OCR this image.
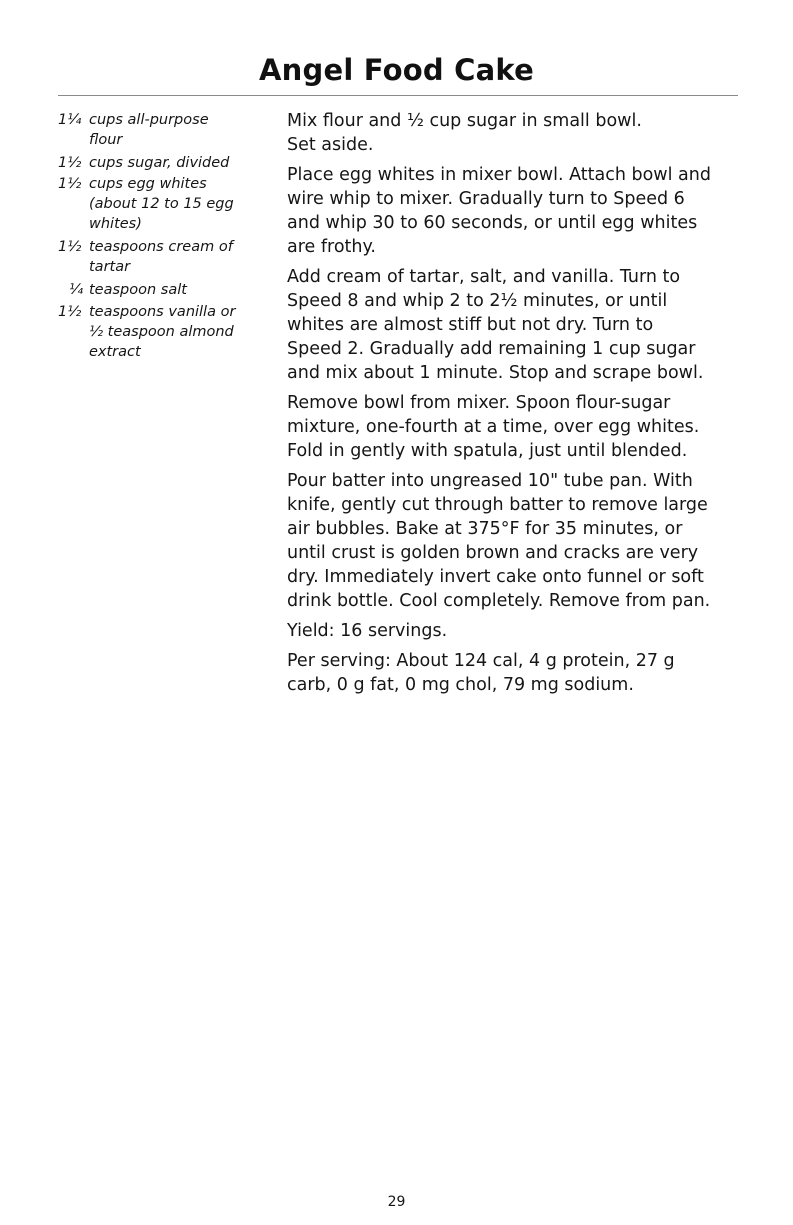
Angel Food Cake
1¼ cups all-purpose
flour
1½ cups sugar, divided
1½ cups egg whites
(about 12 to 15 egg
whites)
1½ teaspoons cream of
tartar
¼ teaspoon salt
1½ teaspoons vanilla or
½ teaspoon almond
extract

Mix flour and ½ cup sugar in small bowl.
Set aside.

Place egg whites in mixer bowl. Attach bowl and
wire whip to mixer. Gradually turn to Speed 6
and whip 30 to 60 seconds, or until egg whites
are frothy.

Add cream of tartar, salt, and vanilla. Turn to
Speed 8 and whip 2 to 2½ minutes, or until
whites are almost stiff but not dry. Turn to
Speed 2. Gradually add remaining 1 cup sugar
and mix about 1 minute. Stop and scrape bowl.

Remove bowl from mixer. Spoon flour-sugar
mixture, one-fourth at a time, over egg whites.
Fold in gently with spatula, just until blended.

Pour batter into ungreased 10" tube pan. With
knife, gently cut through batter to remove large
air bubbles. Bake at 375°F for 35 minutes, or
until crust is golden brown and cracks are very
dry. Immediately invert cake onto funnel or soft
drink bottle. Cool completely. Remove from pan.

Yield: 16 servings.

Per serving: About 124 cal, 4 g protein, 27 g
carb, 0 g fat, 0 mg chol, 79 mg sodium.

29
